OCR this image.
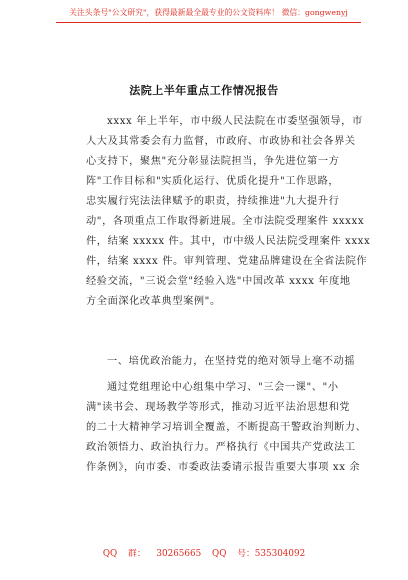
关注头条号"公文研究"，获得最新最全最专业的公文资料库！ 微信：gongwenyj
法院上半年重点工作情况报告
xxxx 年上半年，市中级人民法院在市委坚强领导，市
人大及其常委会有力监督，市政府、市政协和社会各界关
心支持下，聚焦"充分彰显法院担当，争先进位第一方
阵"工作目标和"实质化运行、优质化提升"工作思路，
忠实履行宪法法律赋予的职责，持续推进"九大提升行
动"，各项重点工作取得新进展。全市法院受理案件 xxxxx
件，结案 xxxxx 件。其中，市中级人民法院受理案件 xxxx
件，结案 xxxx 件。审判管理、党建品牌建设在全省法院作
经验交流，"三说会堂"经验入选"中国改革 xxxx 年度地
方全面深化改革典型案例"。
一、培优政治能力，在坚持党的绝对领导上毫不动摇
通过党组理论中心组集中学习、"三会一课"、"小
满"读书会、现场教学等形式，推动习近平法治思想和党
的二十大精神学习培训全覆盖，不断提高干警政治判断力、
政治领悟力、政治执行力。严格执行《中国共产党政法工
作条例》，向市委、市委政法委请示报告重要大事项 xx 余
QQ 群： 30265665 QQ 号：535304092
